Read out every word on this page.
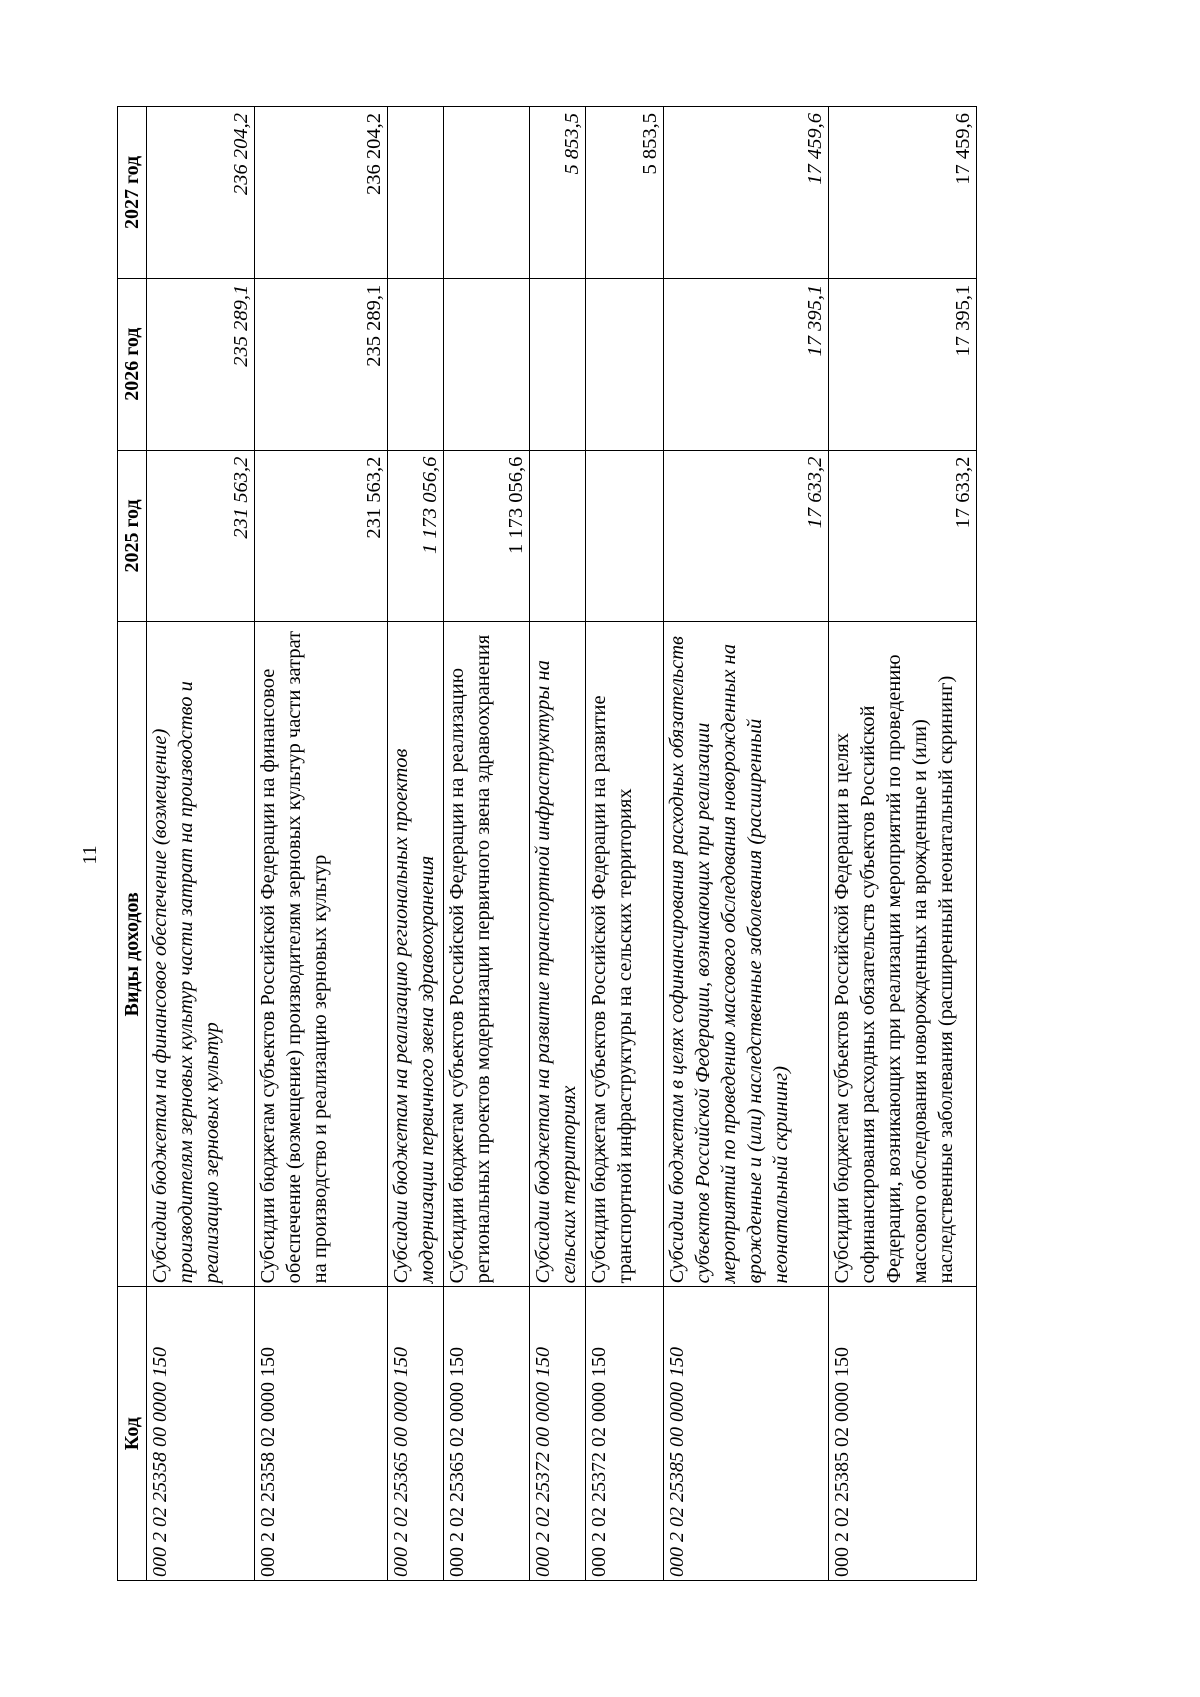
11
Код	Виды доходов	2025 год	2026 год	2027 год
000 2 02 25358 00 0000 150	Субсидии бюджетам на финансовое обеспечение (возмещение) производителям зерновых культур части затрат на производство и реализацию зерновых культур	231 563,2	235 289,1	236 204,2
000 2 02 25358 02 0000 150	Субсидии бюджетам субъектов Российской Федерации на финансовое обеспечение (возмещение) производителям зерновых культур части затрат на производство и реализацию зерновых культур	231 563,2	235 289,1	236 204,2
000 2 02 25365 00 0000 150	Субсидии бюджетам на реализацию региональных проектов модернизации первичного звена здравоохранения	1 173 056,6		
000 2 02 25365 02 0000 150	Субсидии бюджетам субъектов Российской Федерации на реализацию региональных проектов модернизации первичного звена здравоохранения	1 173 056,6		
000 2 02 25372 00 0000 150	Субсидии бюджетам на развитие транспортной инфраструктуры на сельских территориях			5 853,5
000 2 02 25372 02 0000 150	Субсидии бюджетам субъектов Российской Федерации на развитие транспортной инфраструктуры на сельских территориях			5 853,5
000 2 02 25385 00 0000 150	Субсидии бюджетам в целях софинансирования расходных обязательств субъектов Российской Федерации, возникающих при реализации мероприятий по проведению массового обследования новорожденных на врожденные и (или) наследственные заболевания (расширенный неонатальный скрининг)	17 633,2	17 395,1	17 459,6
000 2 02 25385 02 0000 150	Субсидии бюджетам субъектов Российской Федерации в целях софинансирования расходных обязательств субъектов Российской Федерации, возникающих при реализации мероприятий по проведению массового обследования новорожденных на врожденные и (или) наследственные заболевания (расширенный неонатальный скрининг)	17 633,2	17 395,1	17 459,6
